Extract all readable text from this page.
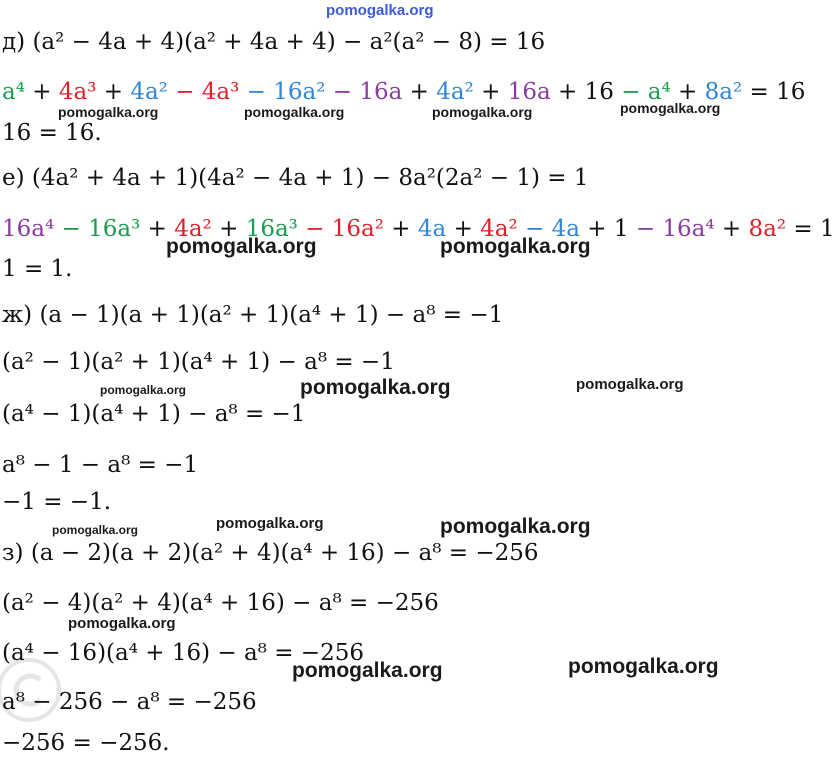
pomogalka.org
д) (a² − 4a + 4)(a² + 4a + 4) − a²(a² − 8) = 16
a⁴ + 4a³ + 4a² − 4a³ − 16a² − 16a + 4a² + 16a + 16 − a⁴ + 8a² = 16
16 = 16.
е) (4a² + 4a + 1)(4a² − 4a + 1) − 8a²(2a² − 1) = 1
16a⁴ − 16a³ + 4a² + 16a³ − 16a² + 4a + 4a² − 4a + 1 − 16a⁴ + 8a² = 1
1 = 1.
ж) (a − 1)(a + 1)(a² + 1)(a⁴ + 1) − a⁸ = −1
(a² − 1)(a² + 1)(a⁴ + 1) − a⁸ = −1
(a⁴ − 1)(a⁴ + 1) − a⁸ = −1
a⁸ − 1 − a⁸ = −1
−1 = −1.
з) (a − 2)(a + 2)(a² + 4)(a⁴ + 16) − a⁸ = −256
(a² − 4)(a² + 4)(a⁴ + 16) − a⁸ = −256
(a⁴ − 16)(a⁴ + 16) − a⁸ = −256
a⁸ − 256 − a⁸ = −256
−256 = −256.
pomogalka.org	pomogalka.org	pomogalka.org	pomogalka.org
pomogalka.org	pomogalka.org
pomogalka.org	pomogalka.org	pomogalka.org
pomogalka.org	pomogalka.org	pomogalka.org
pomogalka.org
pomogalka.org	pomogalka.org
